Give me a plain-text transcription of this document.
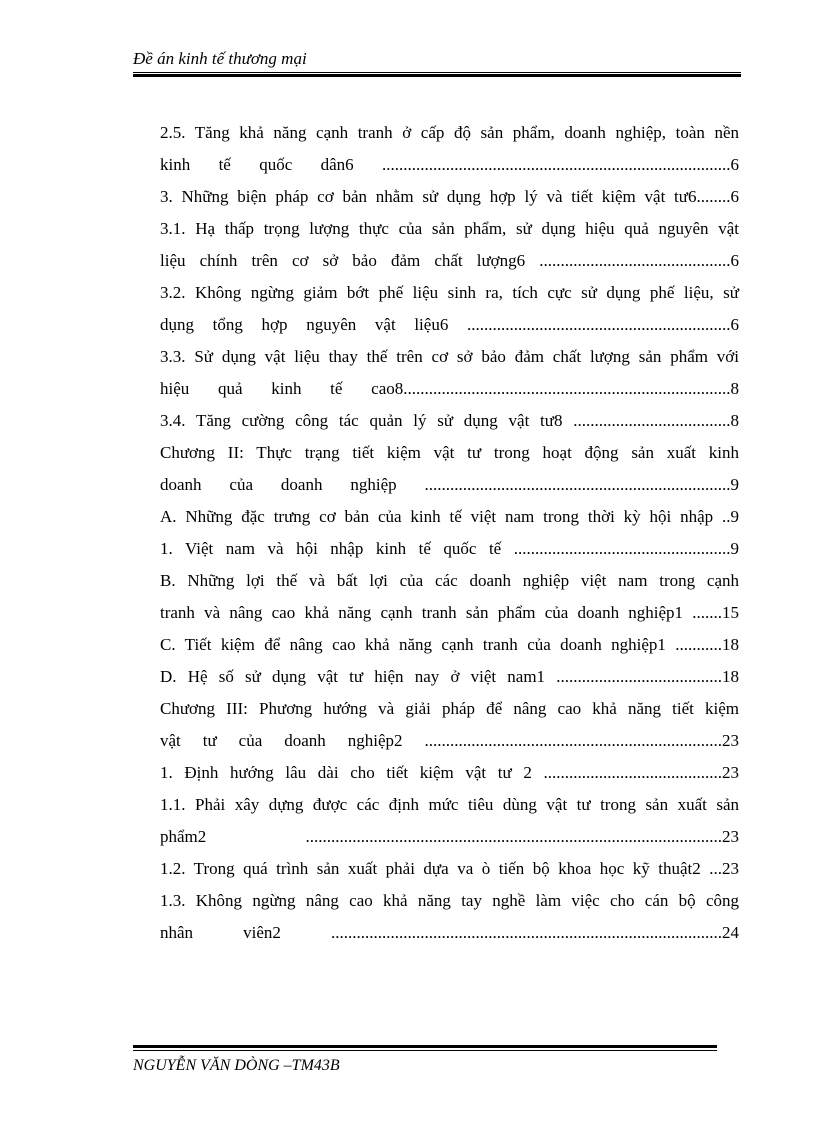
Đề án kinh tế thương mại
2.5. Tăng khả năng cạnh tranh ở cấp độ sản phẩm, doanh nghiệp, toàn nền
kinh tế quốc dân6 ..................................................................................6
3. Những biện pháp cơ bản nhằm sử dụng hợp lý và tiết kiệm vật tư6........6
3.1. Hạ thấp trọng lượng thực của sản phẩm, sử dụng hiệu quả nguyên vật
liệu chính trên cơ sở bảo đảm chất lượng6 .............................................6
3.2. Không ngừng giảm bớt phế liệu sinh ra, tích cực sử dụng phế liệu, sử
dụng tổng hợp nguyên vật liệu6 ..............................................................6
3.3. Sử dụng vật liệu thay thế trên cơ sở bảo đảm chất lượng sản phẩm với
hiệu quả kinh tế cao8.............................................................................8
3.4. Tăng cường công tác quản lý sử dụng vật tư8 .....................................8
Chương II: Thực trạng tiết kiệm vật tư trong hoạt động sản xuất kinh
doanh của doanh nghiệp ........................................................................9
A. Những đặc trưng cơ bản của kinh tế việt nam trong thời kỳ hội nhập ..9
1. Việt nam và hội nhập kinh tế quốc tế ...................................................9
B. Những lợi thế và bất lợi của các doanh nghiệp việt nam trong cạnh
tranh và nâng cao khả năng cạnh tranh sản phẩm của doanh nghiệp1 .......15
C. Tiết kiệm để nâng cao khả năng cạnh tranh của doanh nghiệp1 ...........18
D. Hệ số sử dụng vật tư hiện nay ở việt nam1 .......................................18
Chương III: Phương hướng và giải pháp để nâng cao khả năng tiết kiệm
vật tư của doanh nghiệp2 ......................................................................23
1. Định hướng lâu dài cho tiết kiệm vật tư 2 ..........................................23
1.1. Phải xây dựng được các định mức tiêu dùng vật tư trong sản xuất sản
phẩm2 ..................................................................................................23
1.2. Trong quá trình sản xuất phải dựa va ò tiến bộ khoa học kỹ thuật2 ...23
1.3. Không ngừng nâng cao khả năng tay nghề làm việc cho cán bộ công
nhân viên2 ............................................................................................24
NGUYỄN VĂN DÒNG –TM43B
